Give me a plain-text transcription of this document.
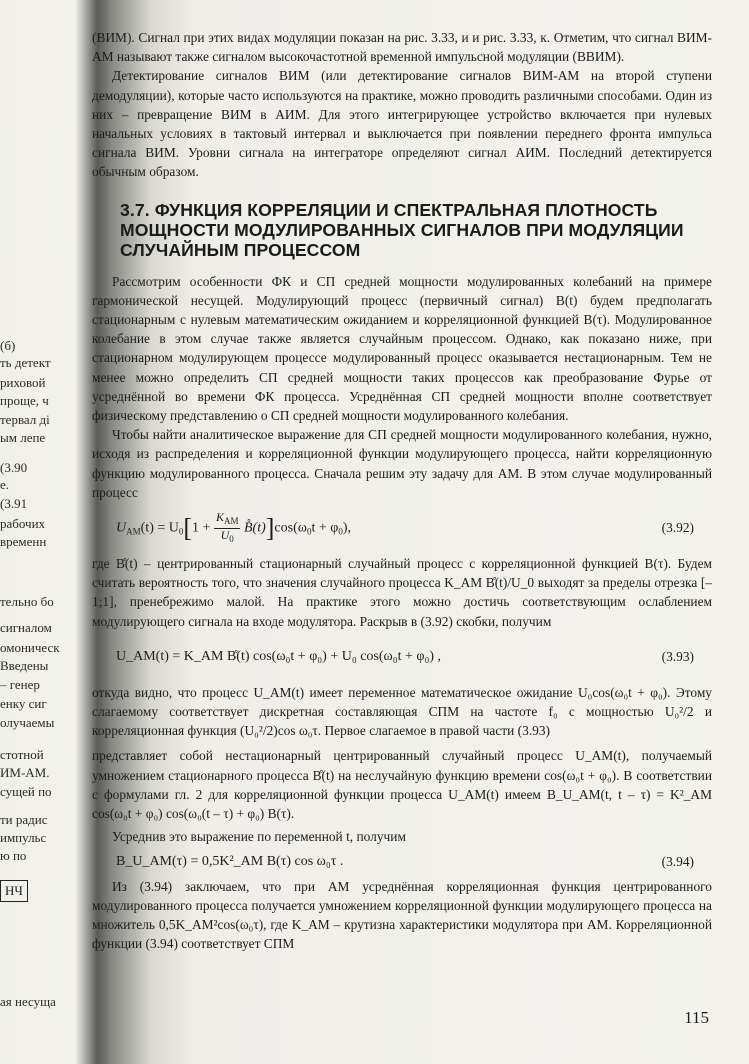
(б)
ть детект
риховой
проще, ч
тервал ді
ым лепе
(3.90
e.
(3.91
рабочих
временн
тельно бо
сигналом
омоническ
Введены
– генер
енку сиг
олучаемы
стотной
ИМ-АМ.
сущей по
ти радис
импульс
ю по
ая несуща
НЧ

(ВИМ). Сигнал при этих видах модуляции показан на рис. 3.33, и и рис. 3.33, к. Отметим, что сигнал ВИМ-АМ называют также сигналом высокочастотной временной импульсной модуляции (ВВИМ).

Детектирование сигналов ВИМ (или детектирование сигналов ВИМ-АМ на второй ступени демодуляции), которые часто используются на практике, можно проводить различными способами. Один из них – превращение ВИМ в АИМ. Для этого интегрирующее устройство включается при нулевых начальных условиях в тактовый интервал и выключается при появлении переднего фронта импульса сигнала ВИМ. Уровни сигнала на интеграторе определяют сигнал АИМ. Последний детектируется обычным образом.

3.7. ФУНКЦИЯ КОРРЕЛЯЦИИ И СПЕКТРАЛЬНАЯ ПЛОТНОСТЬ МОЩНОСТИ МОДУЛИРОВАННЫХ СИГНАЛОВ ПРИ МОДУЛЯЦИИ СЛУЧАЙНЫМ ПРОЦЕССОМ

Рассмотрим особенности ФК и СП средней мощности модулированных колебаний на примере гармонической несущей. Модулирующий процесс (первичный сигнал) B(t) будем предполагать стационарным с нулевым математическим ожиданием и корреляционной функцией B(τ). Модулированное колебание в этом случае также является случайным процессом. Однако, как показано ниже, при стационарном модулирующем процессе модулированный процесс оказывается нестационарным. Тем не менее можно определить СП средней мощности таких процессов как преобразование Фурье от усреднённой во времени ФК процесса. Усреднённая СП средней мощности вполне соответствует физическому представлению о СП средней мощности модулированного колебания.

Чтобы найти аналитическое выражение для СП средней мощности модулированного колебания, нужно, исходя из распределения и корреляционной функции модулирующего процесса, найти корреляционную функцию модулированного процесса. Сначала решим эту задачу для АМ. В этом случае модулированный процесс

$U_{AM}(t) = U_0[1 + \frac{K_{AM}}{U_0}$ $B̊(t)]\cos(\omega_0t + \varphi_0)$,	(3.92)

где B̊(t) – центрированный стационарный случайный процесс с корреляционной функцией B(τ). Будем считать вероятность того, что значения случайного процесса K_AM B̊(t)/U_0 выходят за пределы отрезка [–1;1], пренебрежимо малой. На практике этого можно достичь соответствующим ослаблением модулирующего сигнала на входе модулятора. Раскрыв в (3.92) скобки, получим

U_AM(t) = K_AM B̊(t) cos(ω₀t + φ₀) + U₀ cos(ω₀t + φ₀) ,	(3.93)

откуда видно, что процесс U_AM(t) имеет переменное математическое ожидание U₀cos(ω₀t + φ₀). Этому слагаемому соответствует дискретная составляющая СПМ на частоте f₀ с мощностью U₀²/2 и корреляционная функция (U₀²/2)cos ω₀τ. Первое слагаемое в правой части (3.93)

представляет собой нестационарный центрированный случайный процесс U_AM(t), получаемый умножением стационарного процесса B̊(t) на неслучайную функцию времени cos(ω₀t + φ₀). В соответствии с формулами гл. 2 для корреляционной функции процесса U_AM(t) имеем B_U_AM(t, t – τ) = K²_AM cos(ω₀t + φ₀) cos(ω₀(t – τ) + φ₀) B(τ).

Усреднив это выражение по переменной t, получим

B_U_AM(τ) = 0,5K²_AM B(τ) cos ω₀τ .	(3.94)

Из (3.94) заключаем, что при АМ усреднённая корреляционная функция центрированного модулированного процесса получается умножением корреляционной функции модулирующего процесса на множитель 0,5K_AM²cos(ω₀τ), где K_AM – крутизна характеристики модулятора при АМ. Корреляционной функции (3.94) соответствует СПМ

115
